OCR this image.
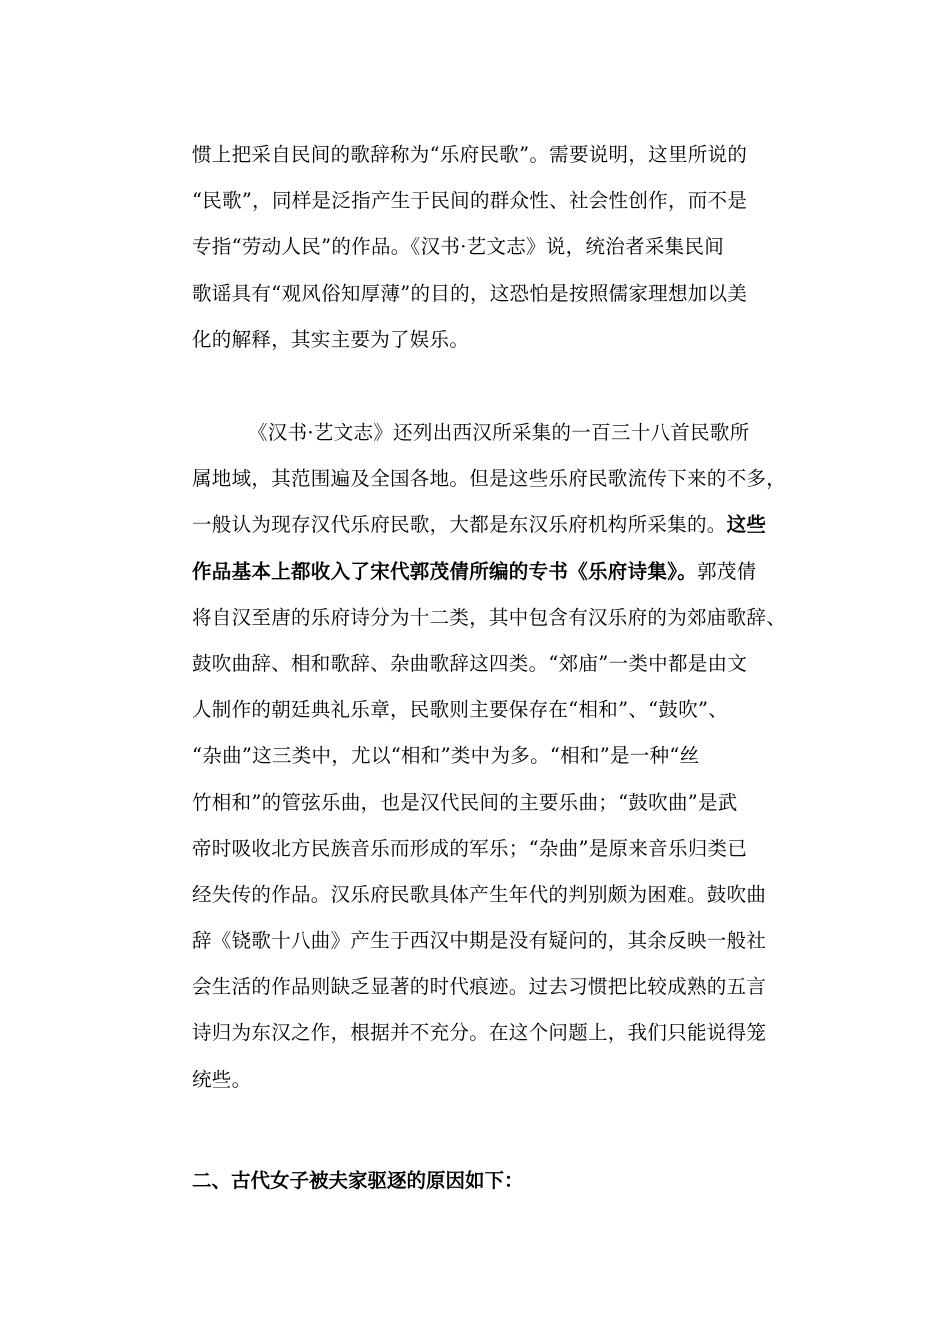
惯上把采自民间的歌辞称为“乐府民歌”。需要说明，这里所说的
“民歌”，同样是泛指产生于民间的群众性、社会性创作，而不是
专指“劳动人民”的作品。《汉书·艺文志》说，统治者采集民间
歌谣具有“观风俗知厚薄”的目的，这恐怕是按照儒家理想加以美
化的解释，其实主要为了娱乐。
《汉书·艺文志》还列出西汉所采集的一百三十八首民歌所
属地域，其范围遍及全国各地。但是这些乐府民歌流传下来的不多，
一般认为现存汉代乐府民歌，大都是东汉乐府机构所采集的。这些
作品基本上都收入了宋代郭茂倩所编的专书《乐府诗集》。郭茂倩
将自汉至唐的乐府诗分为十二类，其中包含有汉乐府的为郊庙歌辞、
鼓吹曲辞、相和歌辞、杂曲歌辞这四类。“郊庙”一类中都是由文
人制作的朝廷典礼乐章，民歌则主要保存在“相和”、“鼓吹”、
“杂曲”这三类中，尤以“相和”类中为多。“相和”是一种“丝
竹相和”的管弦乐曲，也是汉代民间的主要乐曲；“鼓吹曲”是武
帝时吸收北方民族音乐而形成的军乐；“杂曲”是原来音乐归类已
经失传的作品。汉乐府民歌具体产生年代的判别颇为困难。鼓吹曲
辞《铙歌十八曲》产生于西汉中期是没有疑问的，其余反映一般社
会生活的作品则缺乏显著的时代痕迹。过去习惯把比较成熟的五言
诗归为东汉之作，根据并不充分。在这个问题上，我们只能说得笼
统些。
二、古代女子被夫家驱逐的原因如下：
